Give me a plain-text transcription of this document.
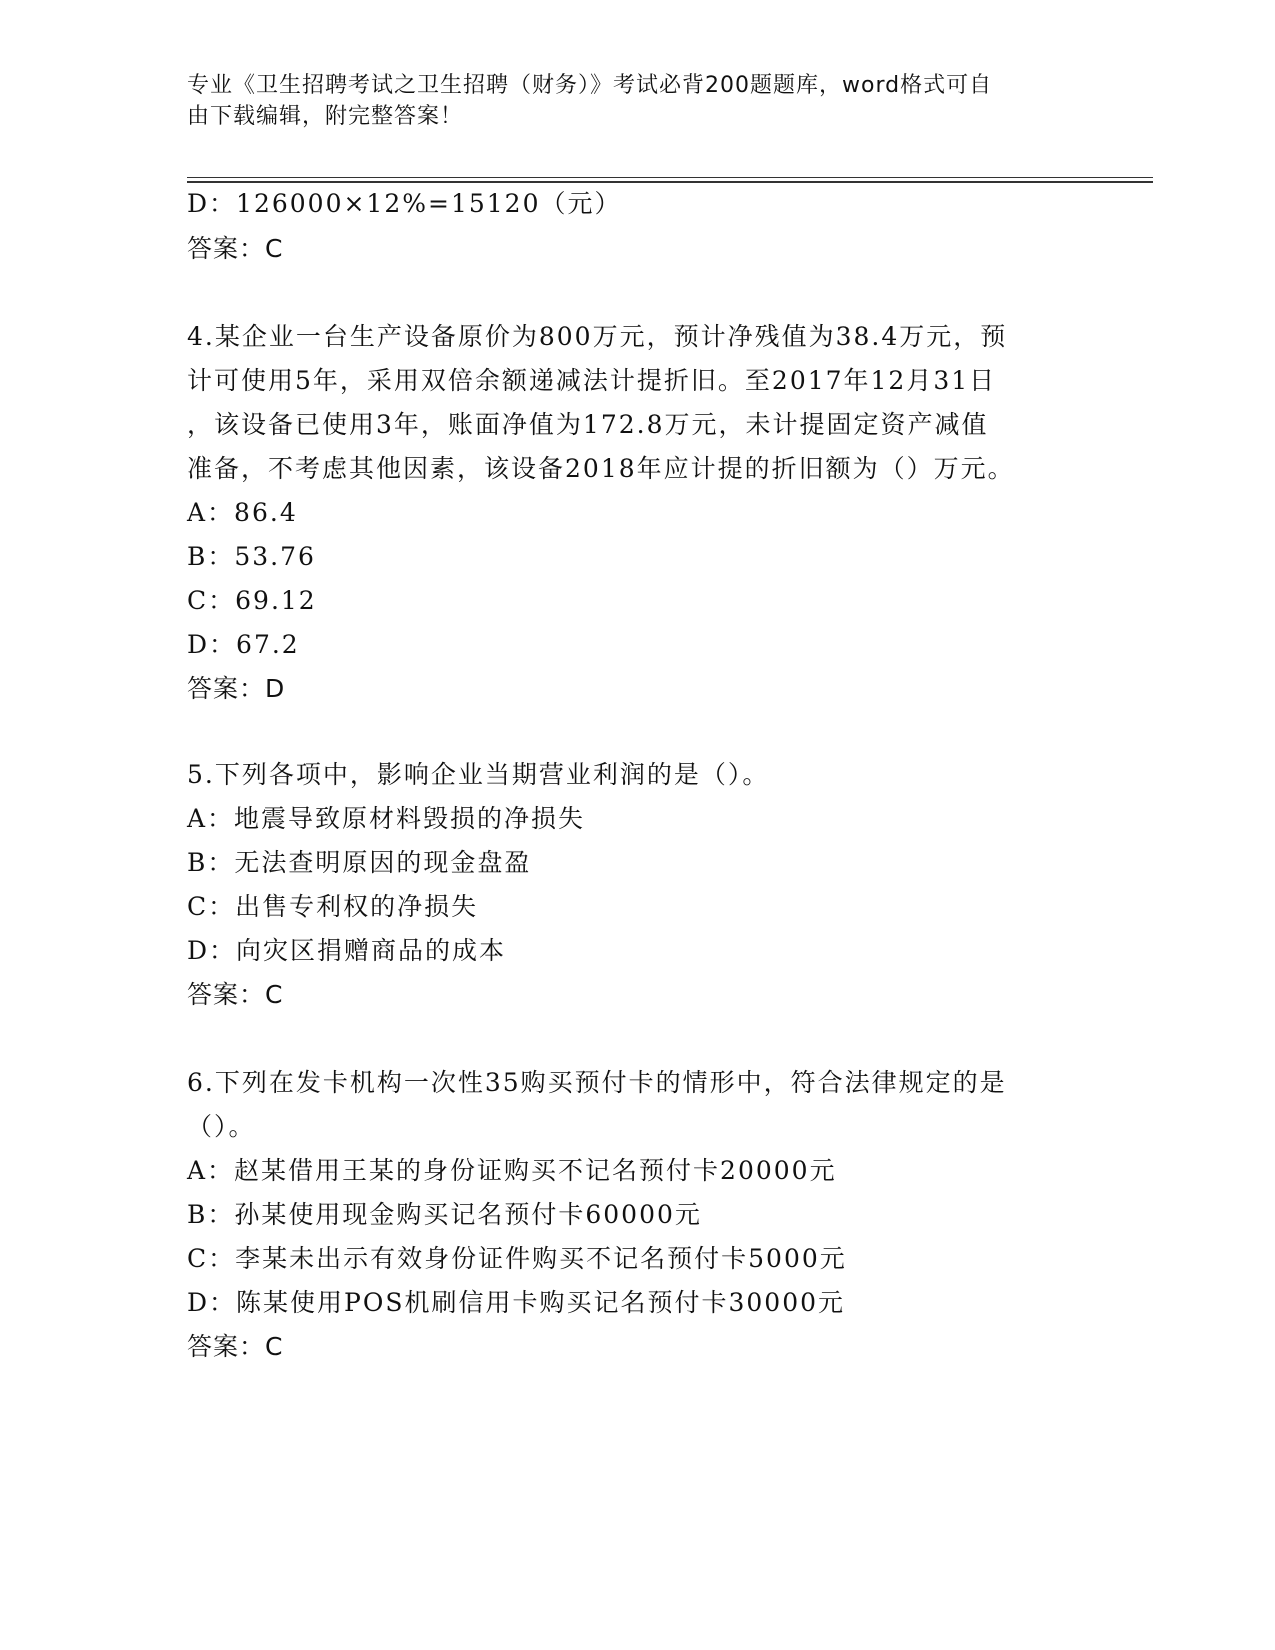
专业《卫生招聘考试之卫生招聘（财务）》考试必背200题题库，word格式可自
由下载编辑，附完整答案！
D：126000×12%=15120（元）
答案：C
4.某企业一台生产设备原价为800万元，预计净残值为38.4万元，预
计可使用5年，采用双倍余额递减法计提折旧。至2017年12月31日
，该设备已使用3年，账面净值为172.8万元，未计提固定资产减值
准备，不考虑其他因素，该设备2018年应计提的折旧额为（）万元。
A：86.4
B：53.76
C：69.12
D：67.2
答案：D
5.下列各项中，影响企业当期营业利润的是（）。
A：地震导致原材料毁损的净损失
B：无法查明原因的现金盘盈
C：出售专利权的净损失
D：向灾区捐赠商品的成本
答案：C
6.下列在发卡机构一次性35购买预付卡的情形中，符合法律规定的是
（）。
A：赵某借用王某的身份证购买不记名预付卡20000元
B：孙某使用现金购买记名预付卡60000元
C：李某未出示有效身份证件购买不记名预付卡5000元
D：陈某使用POS机刷信用卡购买记名预付卡30000元
答案：C
